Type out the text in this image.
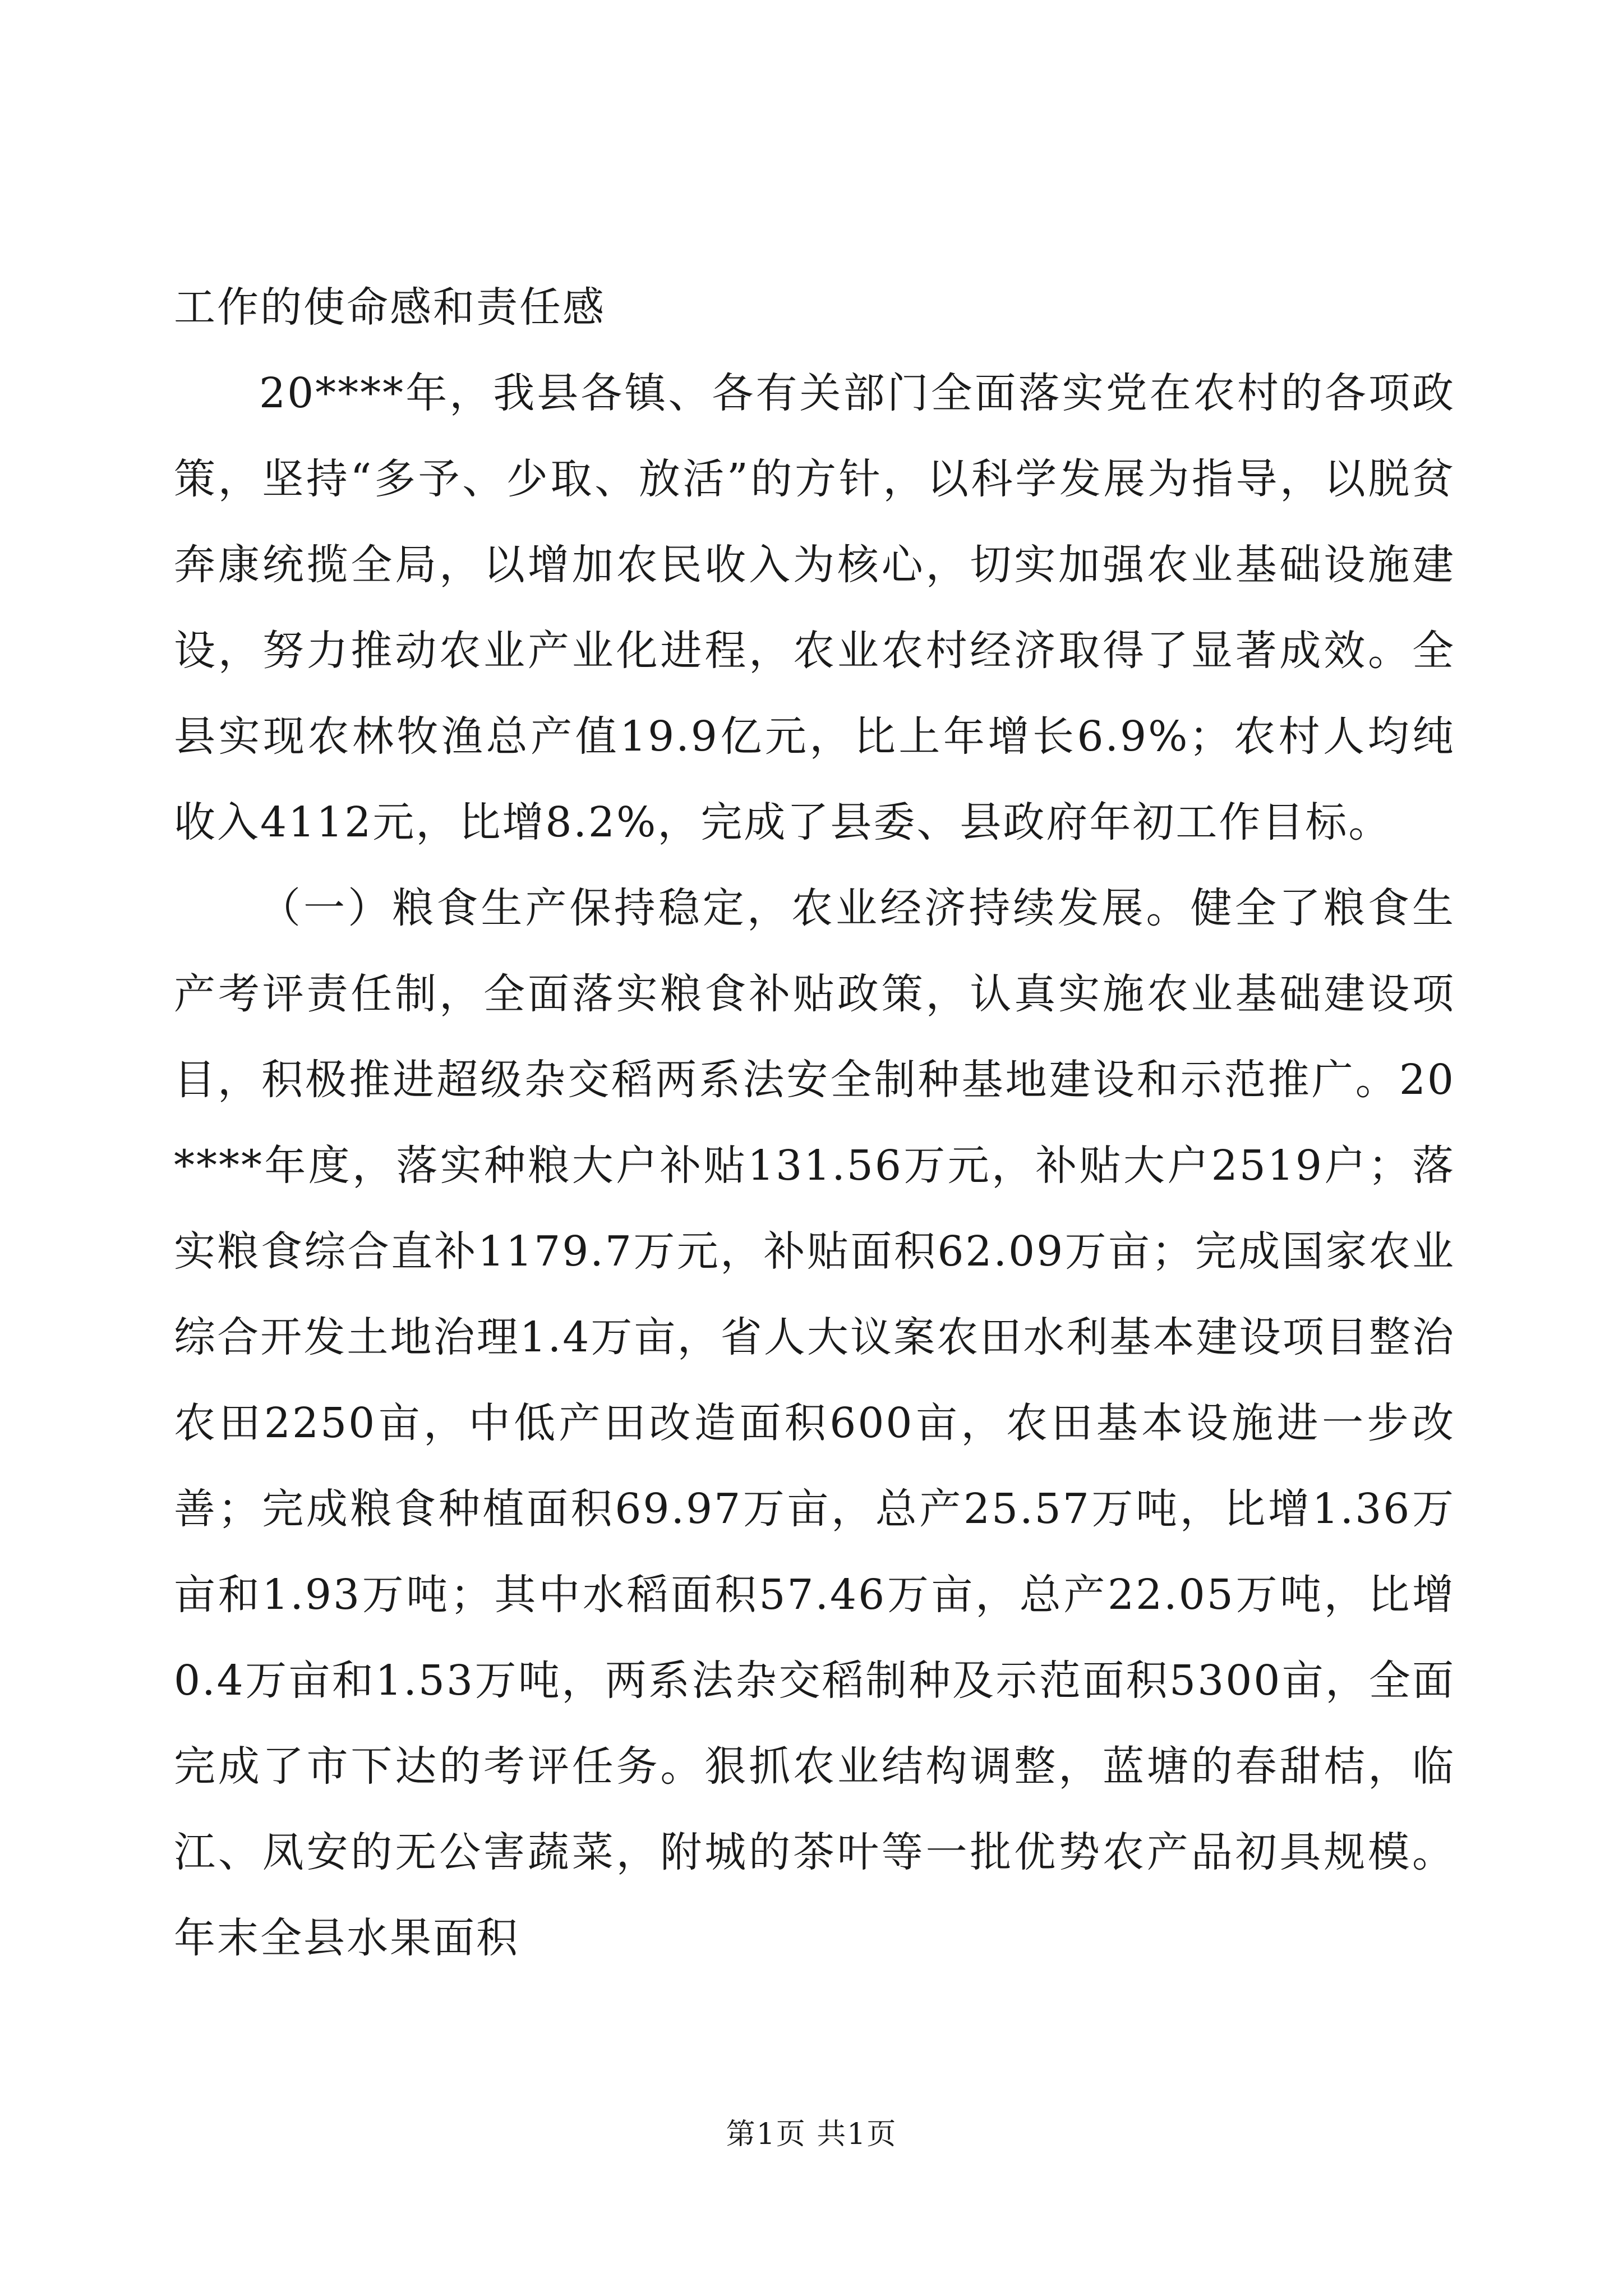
工作的使命感和责任感

20****年，我县各镇、各有关部门全面落实党在农村的各项政策，坚持“多予、少取、放活”的方针，以科学发展为指导，以脱贫奔康统揽全局，以增加农民收入为核心，切实加强农业基础设施建设，努力推动农业产业化进程，农业农村经济取得了显著成效。全县实现农林牧渔总产值19.9亿元，比上年增长6.9%；农村人均纯收入4112元，比增8.2%，完成了县委、县政府年初工作目标。

（一）粮食生产保持稳定，农业经济持续发展。健全了粮食生产考评责任制，全面落实粮食补贴政策，认真实施农业基础建设项目，积极推进超级杂交稻两系法安全制种基地建设和示范推广。20****年度，落实种粮大户补贴131.56万元，补贴大户2519户；落实粮食综合直补1179.7万元，补贴面积62.09万亩；完成国家农业综合开发土地治理1.4万亩，省人大议案农田水利基本建设项目整治农田2250亩，中低产田改造面积600亩，农田基本设施进一步改善；完成粮食种植面积69.97万亩，总产25.57万吨，比增1.36万亩和1.93万吨；其中水稻面积57.46万亩，总产22.05万吨，比增0.4万亩和1.53万吨，两系法杂交稻制种及示范面积5300亩，全面完成了市下达的考评任务。狠抓农业结构调整，蓝塘的春甜桔，临江、凤安的无公害蔬菜，附城的茶叶等一批优势农产品初具规模。年末全县水果面积

第1页 共1页
